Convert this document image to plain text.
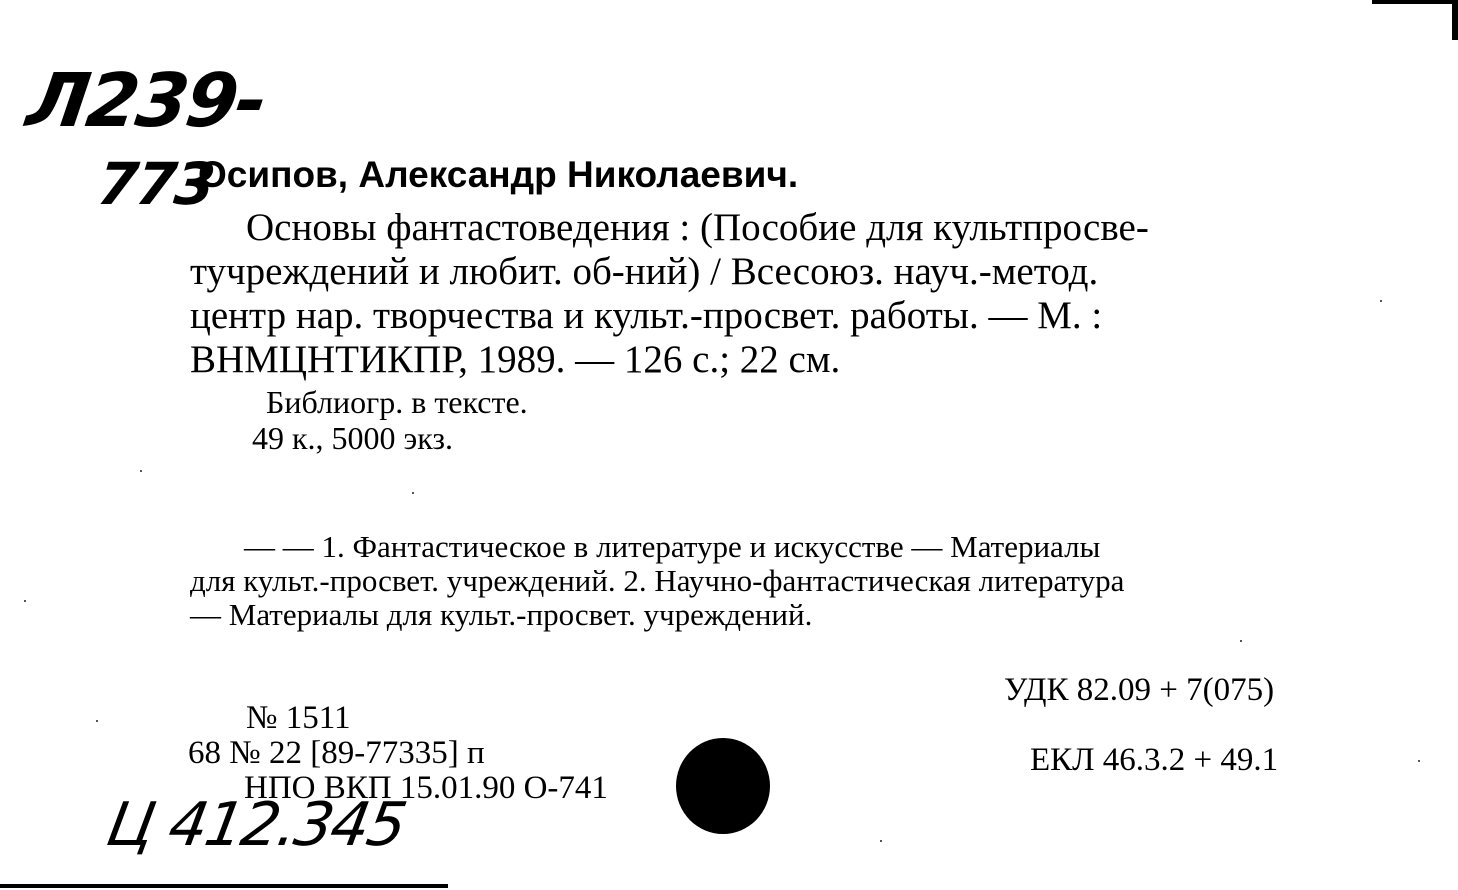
Л239-
773
Осипов, Александр Николаевич.
Основы фантастоведения : (Пособие для культпросве-
тучреждений и любит. об-ний) / Всесоюз. науч.-метод.
центр нар. творчества и культ.-просвет. работы. — М. :
ВНМЦНТИКПР, 1989. — 126 с.; 22 см.
Библиогр. в тексте.
49 к., 5000 экз.
— — 1. Фантастическое в литературе и искусстве — Материалы
для культ.-просвет. учреждений. 2. Научно-фантастическая литература
— Материалы для культ.-просвет. учреждений.
УДК 82.09 + 7(075)
ЕКЛ 46.3.2 + 49.1
№ 1511
68 № 22 [89-77335] п
НПО ВКП 15.01.90 О-741
Ц 412.345
